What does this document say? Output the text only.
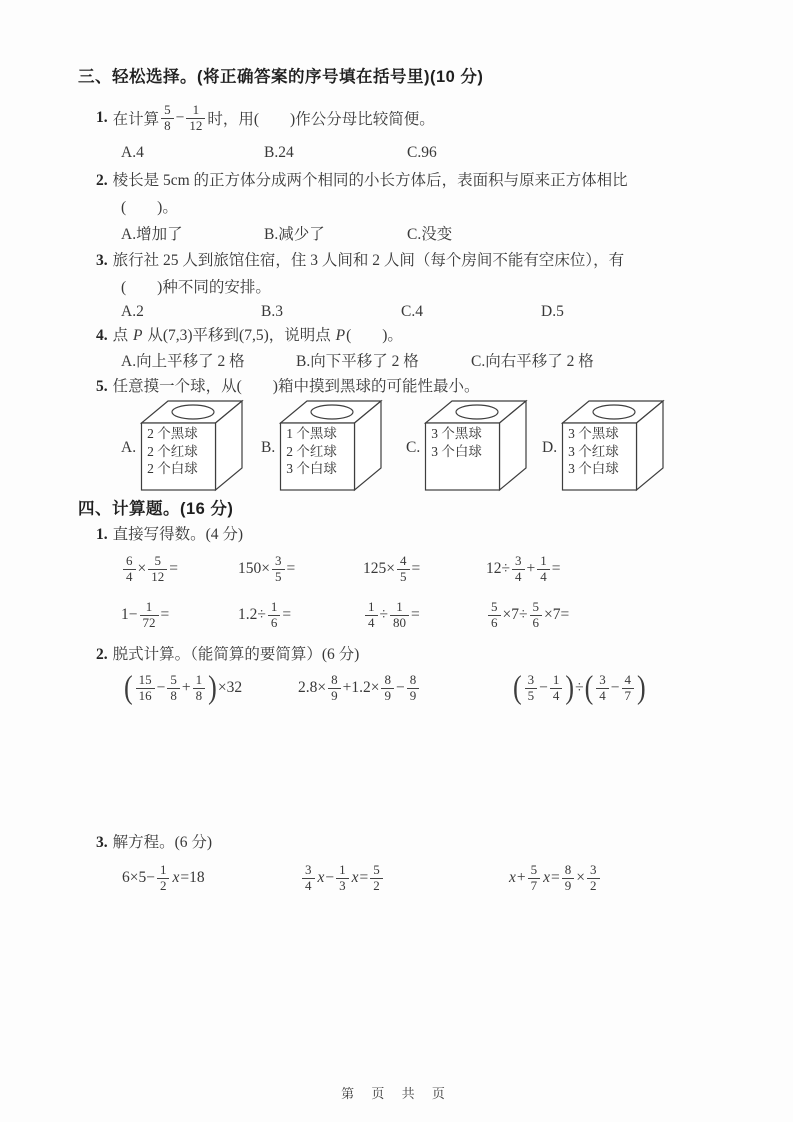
三、轻松选择。(将正确答案的序号填在括号里)(10 分)
1. 在计算 $\frac{5}{8} - \frac{1}{12}$ 时，用(　　)作公分母比较简便。
A.4	B.24	C.96
2. 棱长是 5cm 的正方体分成两个相同的小长方体后，表面积与原来正方体相比
(　　)。
A.增加了	B.减少了	C.没变
3. 旅行社 25 人到旅馆住宿，住 3 人间和 2 人间（每个房间不能有空床位），有
(　　)种不同的安排。
A.2	B.3	C.4	D.5
4. 点 P 从(7,3)平移到(7,5)，说明点 P (　　)。
A.向上平移了 2 格	B.向下平移了 2 格	C.向右平移了 2 格
5. 任意摸一个球，从(　　)箱中摸到黑球的可能性最小。
A.
2 个黑球
2 个红球
2 个白球
B.
1 个黑球
2 个红球
3 个白球
C.
3 个黑球
3 个白球	D.
3 个黑球
3 个红球
3 个白球
四、计算题。(16 分)
1. 直接写得数。(4 分)
$\frac{6}{4} \times \frac{5}{12}$ =	$150\times \frac{3}{5}$ =	$125\times \frac{4}{5}$ =	$12\div \frac{3}{4} + \frac{1}{4}$ =
$1- \frac{1}{72}$ =	$1.2\div \frac{1}{6}$ =	$\frac{1}{4} \div \frac{1}{80}$ =	$\frac{5}{6} \times 7\div \frac{5}{6} \times 7=$
2. 脱式计算。（能简算的要简算）(6 分)
( $\frac{15}{16} - \frac{5}{8} + \frac{1}{8}$ ) ×32	$2.8\times \frac{8}{9} +1.2\times \frac{8}{9} - \frac{8}{9}$	( $\frac{3}{5} - \frac{1}{4}$ ) ÷ ( $\frac{3}{4} - \frac{4}{7}$ )
3. 解方程。(6 分)
$6\times 5- \frac{1}{2}$ x =18	$\frac{3}{4}$ $x - \frac{1}{3}$ $x = \frac{5}{2}$	$x + \frac{5}{7}$ $x = \frac{8}{9} \times \frac{3}{2}$
第 页 共 页
